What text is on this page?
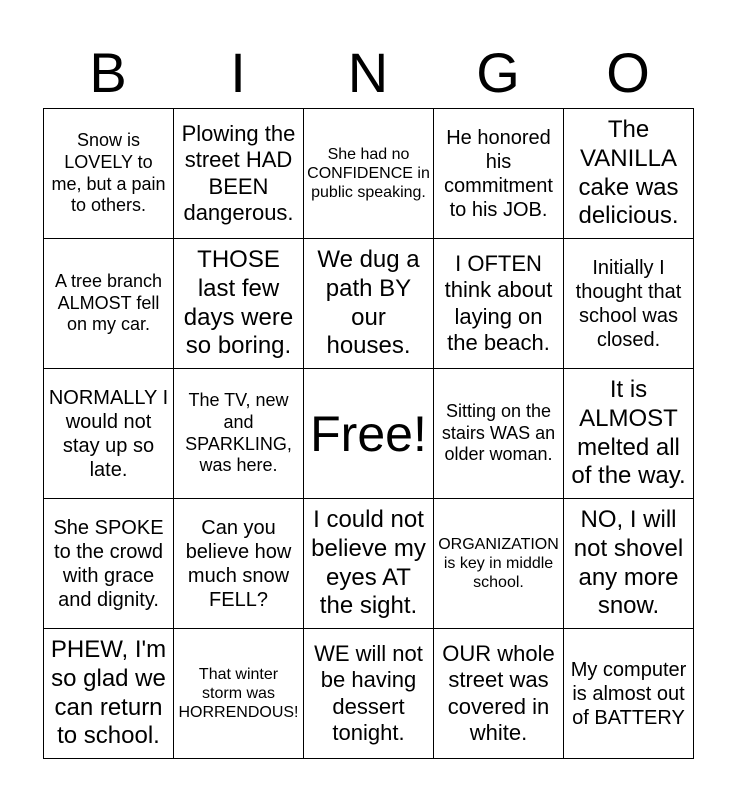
B	I	N	G	O
Snow is LOVELY to me, but a pain to others.	Plowing the street HAD BEEN dangerous.	She had no CONFIDENCE in public speaking.	He honored his commitment to his JOB.	The VANILLA cake was delicious.
A tree branch ALMOST fell on my car.	THOSE last few days were so boring.	We dug a path BY our houses.	I OFTEN think about laying on the beach.	Initially I thought that school was closed.
NORMALLY I would not stay up so late.	The TV, new and SPARKLING, was here.	Free!	Sitting on the stairs WAS an older woman.	It is ALMOST melted all of the way.
She SPOKE to the crowd with grace and dignity.	Can you believe how much snow FELL?	I could not believe my eyes AT the sight.	ORGANIZATION is key in middle school.	NO, I will not shovel any more snow.
PHEW, I'm so glad we can return to school.	That winter storm was HORRENDOUS!	WE will not be having dessert tonight.	OUR whole street was covered in white.	My computer is almost out of BATTERY
